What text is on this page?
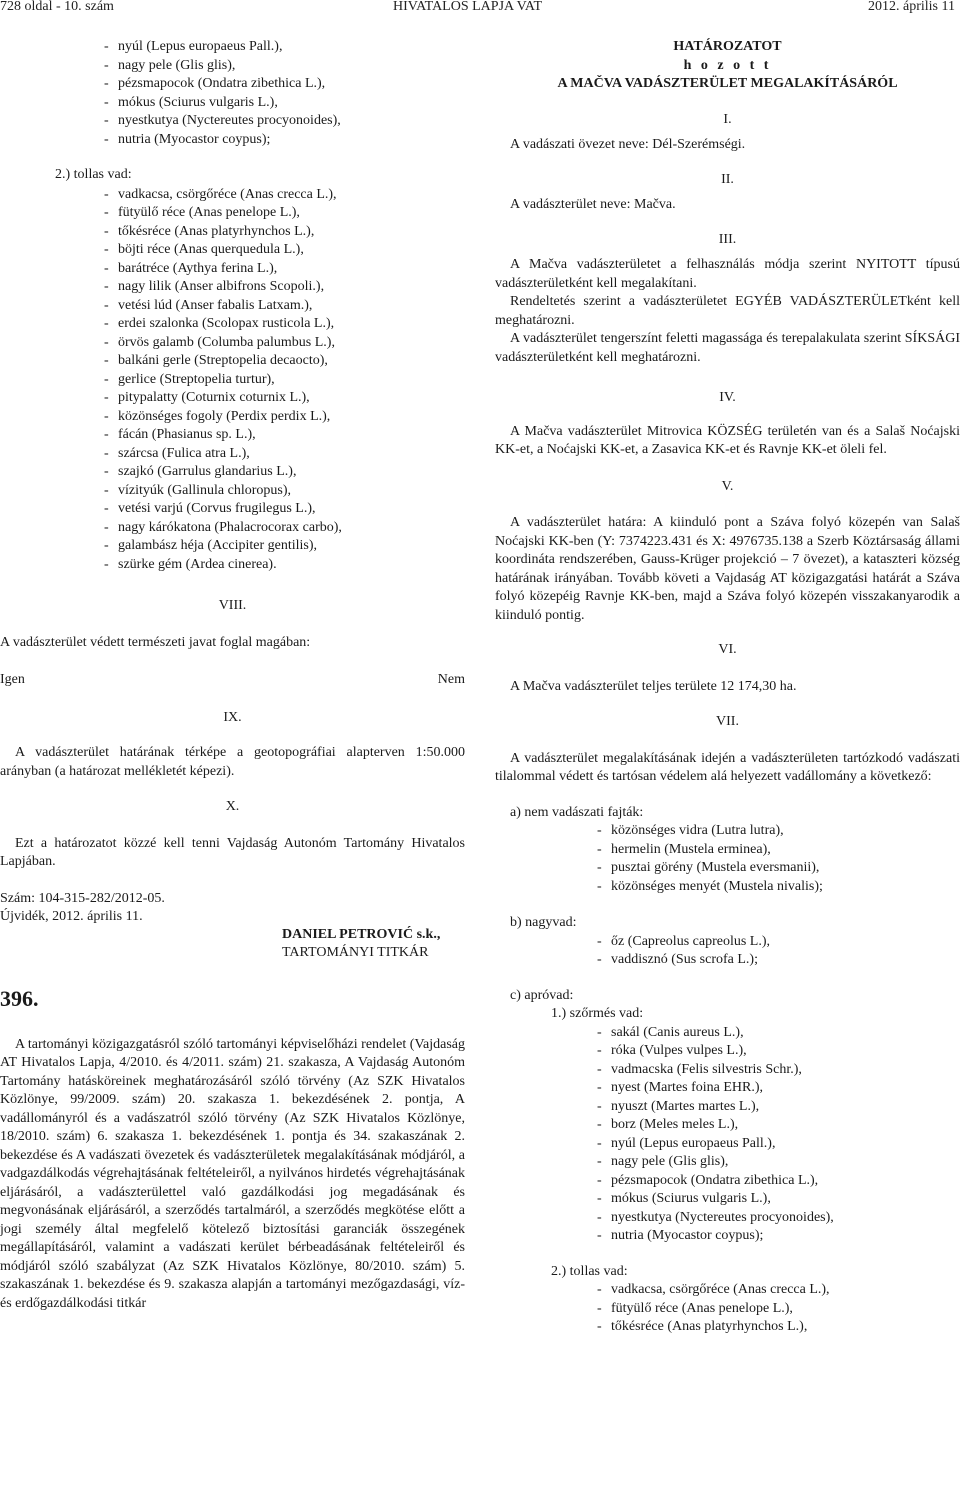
728 oldal - 10. szám	HIVATALOS LAPJA VAT	2012. április 11
- nyúl (Lepus europaeus Pall.),
- nagy pele (Glis glis),
- pézsmapocok (Ondatra zibethica L.),
- mókus (Sciurus vulgaris L.),
- nyestkutya (Nyctereutes procyonoides),
- nutria (Myocastor coypus);
2.) tollas vad:
- vadkacsa, csörgőréce (Anas crecca L.),
- fütyülő réce (Anas penelope L.),
- tőkésréce (Anas platyrhynchos L.),
- böjti réce (Anas querquedula L.),
- barátréce (Aythya ferina L.),
- nagy lilik (Anser albifrons Scopoli.),
- vetési lúd (Anser fabalis Latxam.),
- erdei szalonka (Scolopax rusticola L.),
- örvös galamb (Columba palumbus L.),
- balkáni gerle (Streptopelia decaocto),
- gerlice (Streptopelia turtur),
- pitypalatty (Coturnix coturnix L.),
- közönséges fogoly (Perdix perdix L.),
- fácán (Phasianus sp. L.),
- szárcsa (Fulica atra L.),
- szajkó (Garrulus glandarius L.),
- vízityúk (Gallinula chloropus),
- vetési varjú (Corvus frugilegus L.),
- nagy kárókatona (Phalacrocorax carbo),
- galambász héja (Accipiter gentilis),
- szürke gém (Ardea cinerea).
VIII.
A vadászterület védett természeti javat foglal magában:
Igen	Nem
IX.
A vadászterület határának térképe a geotopográfiai alapterven 1:50.000 arányban (a határozat mellékletét képezi).
X.
Ezt a határozatot közzé kell tenni Vajdaság Autonóm Tartomány Hivatalos Lapjában.
Szám: 104-315-282/2012-05.
Újvidék, 2012. április 11.
DANIEL PETROVIĆ s.k.,
TARTOMÁNYI TITKÁR
396.
A tartományi közigazgatásról szóló tartományi képviselőházi rendelet (Vajdaság AT Hivatalos Lapja, 4/2010. és 4/2011. szám) 21. szakasza, A Vajdaság Autonóm Tartomány hatásköreinek meghatározásáról szóló törvény (Az SZK Hivatalos Közlönye, 99/2009. szám) 20. szakasza 1. bekezdésének 2. pontja, A vadállományról és a vadászatról szóló törvény (Az SZK Hivatalos Közlönye, 18/2010. szám) 6. szakasza 1. bekezdésének 1. pontja és 34. szakaszának 2. bekezdése és A vadászati övezetek és vadászterületek megalakításának módjáról, a vadgazdálkodás végrehajtásának feltételeiről, a nyilvános hirdetés végrehajtásának eljárásáról, a vadászterülettel való gazdálkodási jog megadásának és megvonásának eljárásáról, a szerződés tartalmáról, a szerződés megkötése előtt a jogi személy által megfelelő kötelező biztosítási garanciák összegének megállapításáról, valamint a vadászati kerület bérbeadásának feltételeiről és módjáról szóló szabályzat (Az SZK Hivatalos Közlönye, 80/2010. szám) 5. szakaszának 1. bekezdése és 9. szakasza alapján a tartományi mezőgazdasági, víz- és erdőgazdálkodási titkár
HATÁROZATOT
h o z o t t
A MAČVA VADÁSZTERÜLET MEGALAKÍTÁSÁRÓL
I.
A vadászati övezet neve: Dél-Szerémségi.
II.
A vadászterület neve: Mačva.
III.
A Mačva vadászterületet a felhasználás módja szerint NYITOTT típusú vadászterületként kell megalakítani.
Rendeltetés szerint a vadászterületet EGYÉB VADÁSZTERÜLETként kell meghatározni.
A vadászterület tengerszínt feletti magassága és terepalakulata szerint SÍKSÁGI vadászterületként kell meghatározni.
IV.
A Mačva vadászterület Mitrovica KÖZSÉG területén van és a Salaš Noćajski KK-et, a Noćajski KK-et, a Zasavica KK-et és Ravnje KK-et öleli fel.
V.
A vadászterület határa: A kiinduló pont a Száva folyó közepén van Salaš Noćajski KK-ben (Y: 7374223.431 és X: 4976735.138 a Szerb Köztársaság állami koordináta rendszerében, Gauss-Krüger projekció – 7 övezet), a kataszteri község határának irányában. Tovább követi a Vajdaság AT közigazgatási határát a Száva folyó közepéig Ravnje KK-ben, majd a Száva folyó közepén visszakanyarodik a kiinduló pontig.
VI.
A Mačva vadászterület teljes területe 12 174,30 ha.
VII.
A vadászterület megalakításának idején a vadászterületen tartózkodó vadászati tilalommal védett és tartósan védelem alá helyezett vadállomány a következő:
a) nem vadászati fajták:
- közönséges vidra (Lutra lutra),
- hermelin (Mustela erminea),
- pusztai görény (Mustela eversmanii),
- közönséges menyét (Mustela nivalis);
b) nagyvad:
- őz (Capreolus capreolus L.),
- vaddisznó (Sus scrofa L.);
c) apróvad:
1.) szőrmés vad:
- sakál (Canis aureus L.),
- róka (Vulpes vulpes L.),
- vadmacska (Felis silvestris Schr.),
- nyest (Martes foina EHR.),
- nyuszt (Martes martes L.),
- borz (Meles meles L.),
- nyúl (Lepus europaeus Pall.),
- nagy pele (Glis glis),
- pézsmapocok (Ondatra zibethica L.),
- mókus (Sciurus vulgaris L.),
- nyestkutya (Nyctereutes procyonoides),
- nutria (Myocastor coypus);
2.) tollas vad:
- vadkacsa, csörgőréce (Anas crecca L.),
- fütyülő réce (Anas penelope L.),
- tőkésréce (Anas platyrhynchos L.),
